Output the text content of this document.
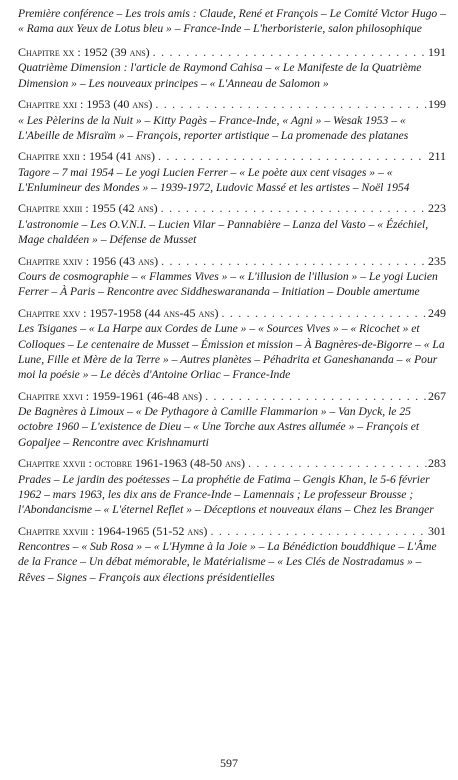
Première conférence – Les trois amis : Claude, René et François – Le Comité Victor Hugo – « Rama aux Yeux de Lotus bleu » – France-Inde – L'herboristerie, salon philosophique

Chapitre xx : 1952 (39 ans) . . .	191

Quatrième Dimension : l'article de Raymond Cahisa – « Le Manifeste de la Quatrième Dimension » – Les nouveaux principes – « L'Anneau de Salomon »

Chapitre xxi : 1953 (40 ans) . . .	199

« Les Pèlerins de la Nuit » – Kitty Pagès – France-Inde, « Agni » – Wesak 1953 – « L'Abeille de Misraïm » – François, reporter artistique – La promenade des platanes

Chapitre xxii : 1954 (41 ans) . . .	211

Tagore – 7 mai 1954 – Le yogi Lucien Ferrer – « Le poète aux cent visages » – « L'Enlumineur des Mondes » – 1939-1972, Ludovic Massé et les artistes – Noël 1954

Chapitre xxiii : 1955 (42 ans) . . .	223

L'astronomie – Les O.V.N.I. – Lucien Vilar – Pannabière – Lanza del Vasto – « Ézéchiel, Mage chaldéen » – Défense de Musset

Chapitre xxiv : 1956 (43 ans) . . .	235

Cours de cosmographie – « Flammes Vives » – « L'illusion de l'illusion » – Le yogi Lucien Ferrer – À Paris – Rencontre avec Siddheswarananda – Initiation – Double amertume

Chapitre xxv : 1957-1958 (44 ans-45 ans) . . .	249

Les Tsiganes – « La Harpe aux Cordes de Lune » – « Sources Vives » – « Ricochet » et Colloques – Le centenaire de Musset – Émission et mission – À Bagnères-de-Bigorre – « La Lune, Fille et Mère de la Terre » – Autres planètes – Péhadrita et Ganeshananda – « Pour moi la poésie » – Le décès d'Antoine Orliac – France-Inde

Chapitre xxvi : 1959-1961 (46-48 ans) . . .	267

De Bagnères à Limoux – « De Pythagore à Camille Flammarion » – Van Dyck, le 25 octobre 1960 – L'existence de Dieu – « Une Torche aux Astres allumée » – François et Gopaljee – Rencontre avec Krishnamurti

Chapitre xxvii : octobre 1961-1963 (48-50 ans) . . .	283

Prades – Le jardin des poétesses – La prophétie de Fatima – Gengis Khan, le 5-6 février 1962 – mars 1963, les dix ans de France-Inde – Lamennais ; Le professeur Brousse ; l'Abondancisme – « L'éternel Reflet » – Déceptions et nouveaux élans – Chez les Branger

Chapitre xxviii : 1964-1965 (51-52 ans) . . .	301

Rencontres – « Sub Rosa » – « L'Hymne à la Joie » – La Bénédiction bouddhique – L'Âme de la France – Un débat mémorable, le Matérialisme – « Les Clés de Nostradamus » – Rêves – Signes – François aux élections présidentielles

597
